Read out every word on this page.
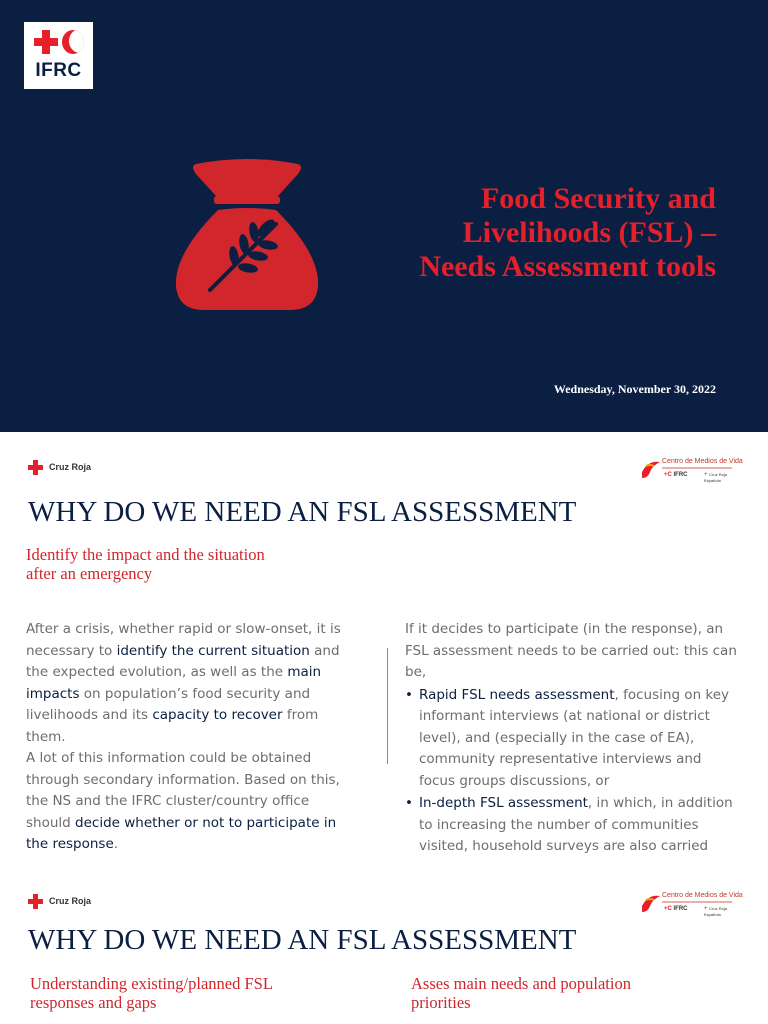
IFRC
Food Security and
Livelihoods (FSL) –
Needs Assessment tools
Wednesday, November 30, 2022
Cruz Roja
Centro de Medios de Vida
+C IFRC	+ Cruz Roja Española
WHY DO WE NEED AN FSL ASSESSMENT
Identify the impact and the situation
after an emergency

After a crisis, whether rapid or slow-onset, it is necessary to identify the current situation and the expected evolution, as well as the main impacts on population’s food security and livelihoods and its capacity to recover from them.

A lot of this information could be obtained through secondary information. Based on this, the NS and the IFRC cluster/country office should decide whether or not to participate in the response.

If it decides to participate (in the response), an FSL assessment needs to be carried out: this can be,

• Rapid FSL needs assessment, focusing on key informant interviews (at national or district level), and (especially in the case of EA), community representative interviews and focus groups discussions, or
• In-depth FSL assessment, in which, in addition to increasing the number of communities visited, household surveys are also carried
Cruz Roja
Centro de Medios de Vida
+C IFRC	+ Cruz Roja Española
WHY DO WE NEED AN FSL ASSESSMENT
Understanding existing/planned FSL
responses and gaps
Asses main needs and population
priorities
